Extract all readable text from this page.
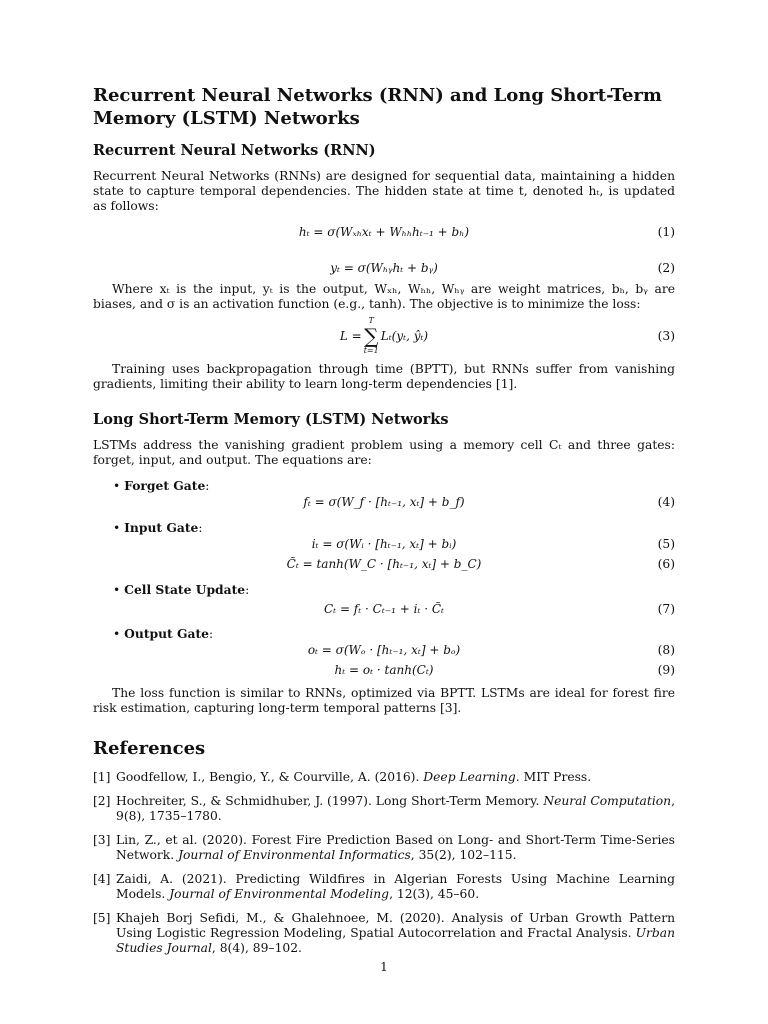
Recurrent Neural Networks (RNN) and Long Short-Term Memory (LSTM) Networks
Recurrent Neural Networks (RNN)

Recurrent Neural Networks (RNNs) are designed for sequential data, maintaining a hidden state to capture temporal dependencies. The hidden state at time t, denoted hₜ, is updated as follows:

hₜ = σ(Wₓₕxₜ + Wₕₕhₜ₋₁ + bₕ)	(1)
yₜ = σ(Wₕᵧhₜ + bᵧ)	(2)

Where xₜ is the input, yₜ is the output, Wₓₕ, Wₕₕ, Wₕᵧ are weight matrices, bₕ, bᵧ are biases, and σ is an activation function (e.g., tanh). The objective is to minimize the loss:

L =
T
∑
t=1
Lₜ(yₜ, ŷₜ)	(3)

Training uses backpropagation through time (BPTT), but RNNs suffer from vanishing gradients, limiting their ability to learn long-term dependencies [1].

Long Short-Term Memory (LSTM) Networks

LSTMs address the vanishing gradient problem using a memory cell Cₜ and three gates: forget, input, and output. The equations are:

• Forget Gate:
fₜ = σ(W_f · [hₜ₋₁, xₜ] + b_f)	(4)
• Input Gate:
iₜ = σ(Wᵢ · [hₜ₋₁, xₜ] + bᵢ)	(5)
C̃ₜ = tanh(W_C · [hₜ₋₁, xₜ] + b_C)	(6)
• Cell State Update:
Cₜ = fₜ · Cₜ₋₁ + iₜ · C̃ₜ	(7)
• Output Gate:
oₜ = σ(Wₒ · [hₜ₋₁, xₜ] + bₒ)	(8)
hₜ = oₜ · tanh(Cₜ)	(9)

The loss function is similar to RNNs, optimized via BPTT. LSTMs are ideal for forest fire risk estimation, capturing long-term temporal patterns [3].

References
[1] Goodfellow, I., Bengio, Y., & Courville, A. (2016). Deep Learning. MIT Press.
[2] Hochreiter, S., & Schmidhuber, J. (1997). Long Short-Term Memory. Neural Computation, 9(8), 1735–1780.
[3] Lin, Z., et al. (2020). Forest Fire Prediction Based on Long- and Short-Term Time-Series Network. Journal of Environmental Informatics, 35(2), 102–115.
[4] Zaidi, A. (2021). Predicting Wildfires in Algerian Forests Using Machine Learning Models. Journal of Environmental Modeling, 12(3), 45–60.
[5] Khajeh Borj Sefidi, M., & Ghalehnoee, M. (2020). Analysis of Urban Growth Pattern Using Logistic Regression Modeling, Spatial Autocorrelation and Fractal Analysis. Urban Studies Journal, 8(4), 89–102.
1
